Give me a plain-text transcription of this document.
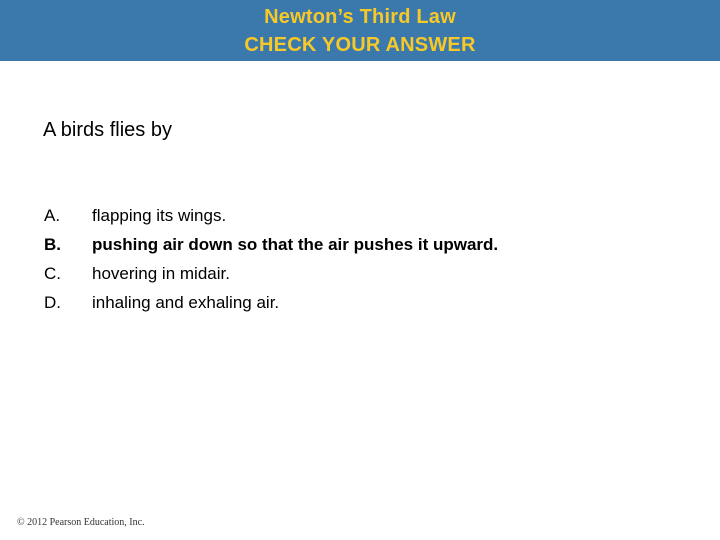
Newton’s Third Law
CHECK YOUR ANSWER
A birds flies by
A.	flapping its wings.
B.	pushing air down so that the air pushes it upward.
C.	hovering in midair.
D.	inhaling and exhaling air.
© 2012 Pearson Education, Inc.
